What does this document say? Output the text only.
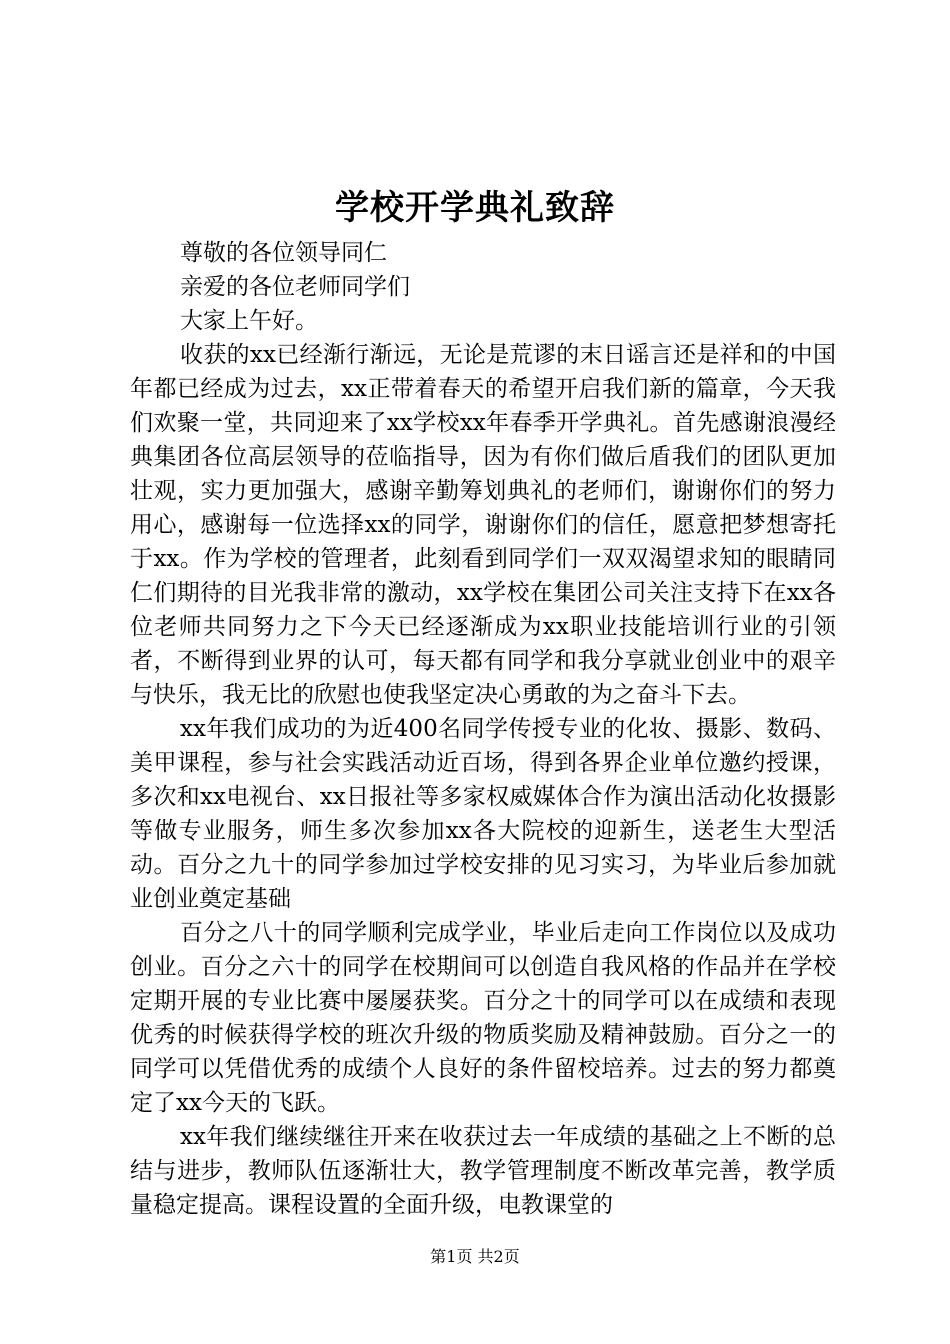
学校开学典礼致辞

尊敬的各位领导同仁

亲爱的各位老师同学们

大家上午好。

收获的xx已经渐行渐远，无论是荒谬的末日谣言还是祥和的中国年都已经成为过去，xx正带着春天的希望开启我们新的篇章，今天我们欢聚一堂，共同迎来了xx学校xx年春季开学典礼。首先感谢浪漫经典集团各位高层领导的莅临指导，因为有你们做后盾我们的团队更加壮观，实力更加强大，感谢辛勤筹划典礼的老师们，谢谢你们的努力用心，感谢每一位选择xx的同学，谢谢你们的信任，愿意把梦想寄托于xx。作为学校的管理者，此刻看到同学们一双双渴望求知的眼睛同仁们期待的目光我非常的激动，xx学校在集团公司关注支持下在xx各位老师共同努力之下今天已经逐渐成为xx职业技能培训行业的引领者，不断得到业界的认可，每天都有同学和我分享就业创业中的艰辛与快乐，我无比的欣慰也使我坚定决心勇敢的为之奋斗下去。

xx年我们成功的为近400名同学传授专业的化妆、摄影、数码、美甲课程，参与社会实践活动近百场，得到各界企业单位邀约授课，多次和xx电视台、xx日报社等多家权威媒体合作为演出活动化妆摄影等做专业服务，师生多次参加xx各大院校的迎新生，送老生大型活动。百分之九十的同学参加过学校安排的见习实习，为毕业后参加就业创业奠定基础

百分之八十的同学顺利完成学业，毕业后走向工作岗位以及成功创业。百分之六十的同学在校期间可以创造自我风格的作品并在学校定期开展的专业比赛中屡屡获奖。百分之十的同学可以在成绩和表现优秀的时候获得学校的班次升级的物质奖励及精神鼓励。百分之一的同学可以凭借优秀的成绩个人良好的条件留校培养。过去的努力都奠定了xx今天的飞跃。

xx年我们继续继往开来在收获过去一年成绩的基础之上不断的总结与进步，教师队伍逐渐壮大，教学管理制度不断改革完善，教学质量稳定提高。课程设置的全面升级，电教课堂的

第1页 共2页
